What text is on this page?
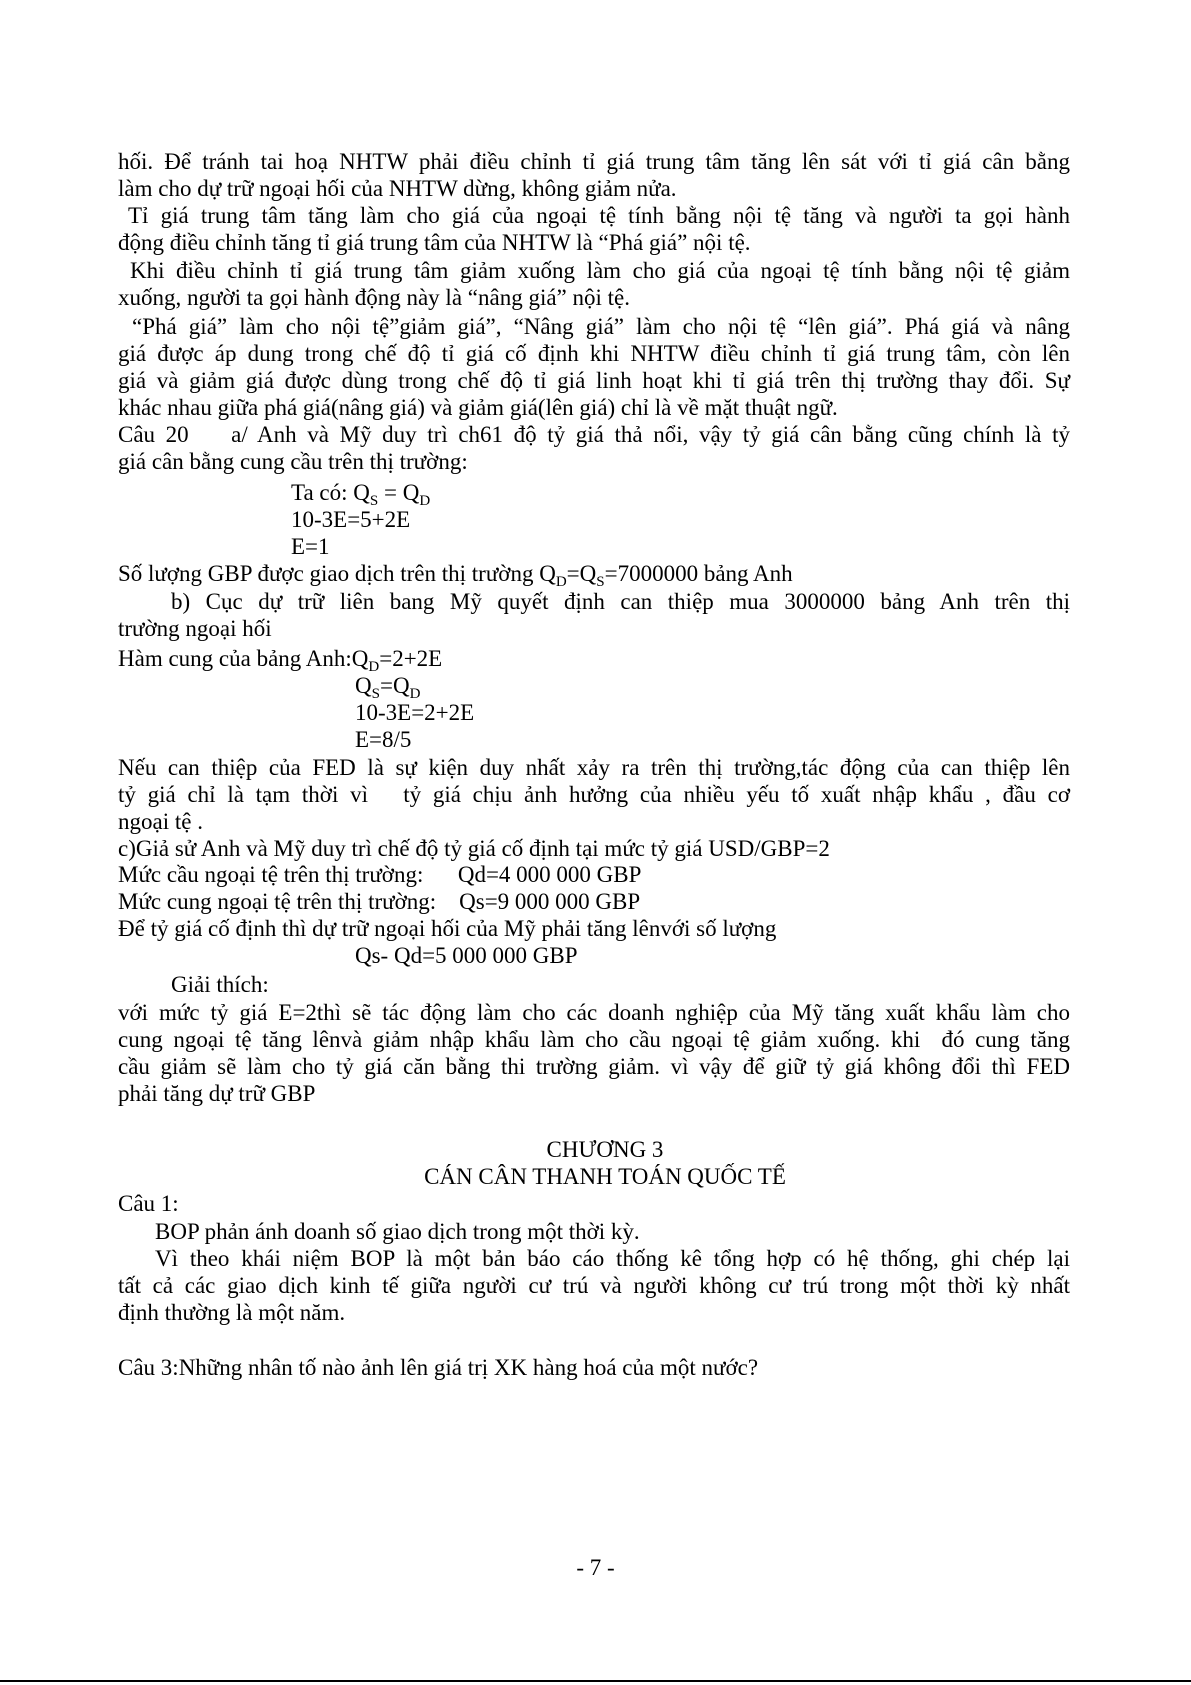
hối. Để tránh tai hoạ NHTW phải điều chỉnh tỉ giá trung tâm tăng lên sát với tỉ giá cân bằng
làm cho dự trữ ngoại hối của NHTW dừng, không giảm nửa.
Tỉ giá trung tâm tăng làm cho giá của ngoại tệ tính bằng nội tệ tăng và người ta gọi hành
động điều chỉnh tăng tỉ giá trung tâm của NHTW là “Phá giá” nội tệ.
Khi điều chỉnh tỉ giá trung tâm giảm xuống làm cho giá của ngoại tệ tính bằng nội tệ giảm
xuống, người ta gọi hành động này là “nâng giá” nội tệ.
“Phá giá” làm cho nội tệ”giảm giá”, “Nâng giá” làm cho nội tệ “lên giá”. Phá giá và nâng
giá được áp dung trong chế độ tỉ giá cố định khi NHTW điều chỉnh tỉ giá trung tâm, còn lên
giá và giảm giá được dùng trong chế độ tỉ giá linh hoạt khi tỉ giá trên thị trường thay đổi. Sự
khác nhau giữa phá giá(nâng giá) và giảm giá(lên giá) chỉ là về mặt thuật ngữ.
Câu 20    a/ Anh và Mỹ duy trì ch61 độ tỷ giá thả nổi, vậy tỷ giá cân bằng cũng chính là tỷ
giá cân bằng cung cầu trên thị trường:
Ta có: $Q_S = Q_D$
10-3E=5+2E
E=1
Số lượng GBP được giao dịch trên thị trường $Q_D=Q_S=7000000$ bảng Anh
b) Cục dự trữ liên bang Mỹ quyết định can thiệp mua 3000000 bảng Anh trên thị
trường ngoại hối
Hàm cung của bảng $Anh:Q_D=2+2E$
$Q_S=Q_D$
10-3E=2+2E
E=8/5
Nếu can thiệp của FED là sự kiện duy nhất xảy ra trên thị trường,tác động của can thiệp lên
tỷ giá chỉ là tạm thời vì   tỷ giá chịu ảnh hưởng của nhiều yếu tố xuất nhập khẩu , đầu cơ
ngoại tệ .
c)Giả sử Anh và Mỹ duy trì chế độ tỷ giá cố định tại mức tỷ giá USD/GBP=2
Mức cầu ngoại tệ trên thị trường:      Qd=4 000 000 GBP
Mức cung ngoại tệ trên thị trường:    Qs=9 000 000 GBP
Để tỷ giá cố định thì dự trữ ngoại hối của Mỹ phải tăng lênvới số lượng
Qs- Qd=5 000 000 GBP
Giải thích:
với mức tỷ giá E=2thì sẽ tác động làm cho các doanh nghiệp của Mỹ tăng xuất khẩu làm cho
cung ngoại tệ tăng lênvà giảm nhập khẩu làm cho cầu ngoại tệ giảm xuống. khi  đó cung tăng
cầu giảm sẽ làm cho tỷ giá căn bằng thi trường giảm. vì vậy để giữ tỷ giá không đổi thì FED
phải tăng dự trữ GBP
CHƯƠNG 3
CÁN CÂN THANH TOÁN QUỐC TẾ
Câu 1:
BOP phản ánh doanh số giao dịch trong một thời kỳ.
Vì theo khái niệm BOP là một bản báo cáo thống kê tổng hợp có hệ thống, ghi chép lại
tất cả các giao dịch kinh tế giữa người cư trú và người không cư trú trong một thời kỳ nhất
định thường là một năm.
Câu 3:Những nhân tố nào ảnh lên giá trị XK hàng hoá của một nước?
- 7 -
